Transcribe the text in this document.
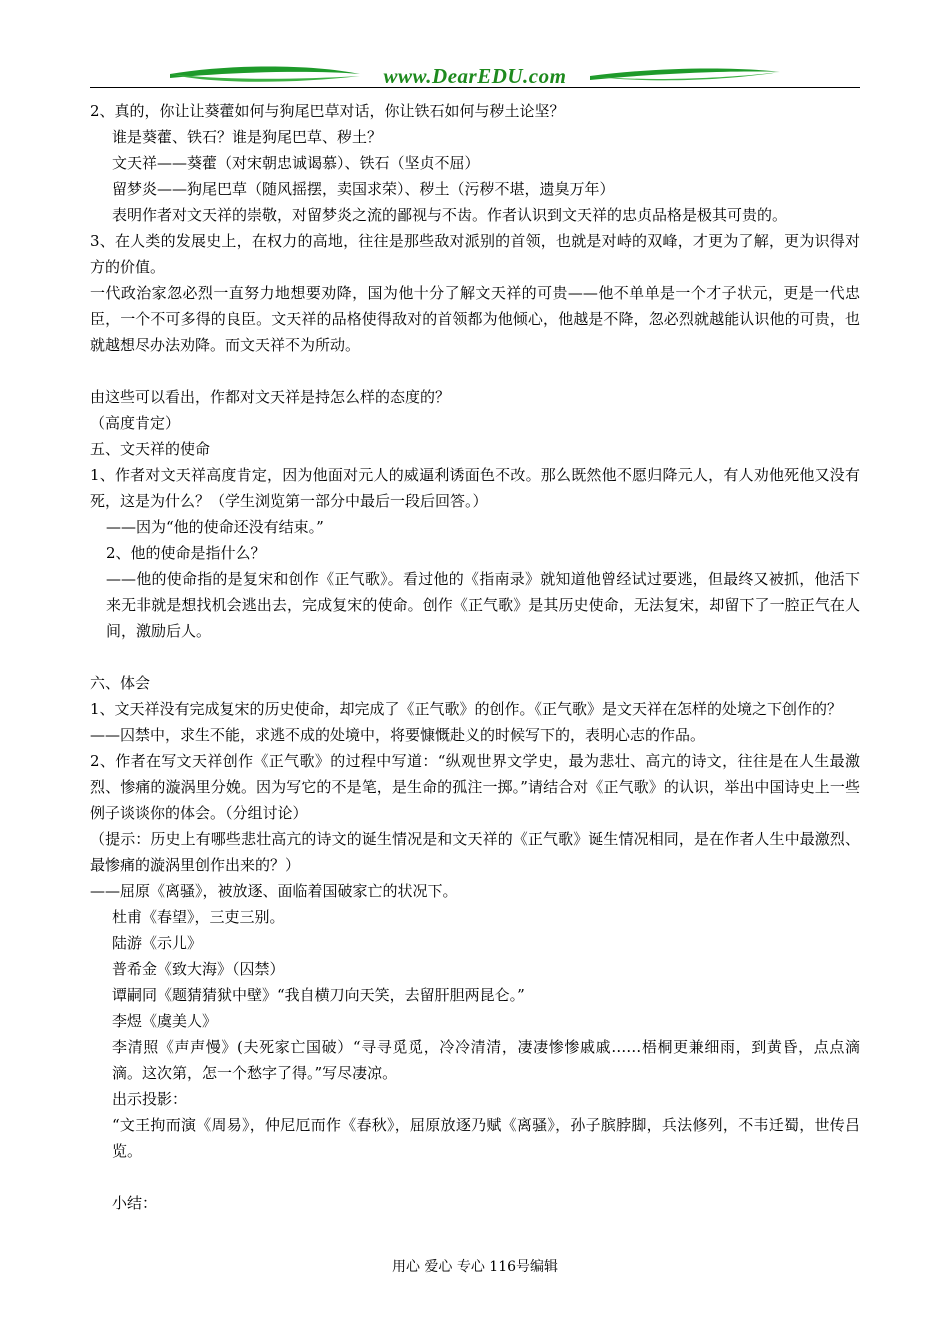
www.DearEDU.com

2、真的，你让让葵藿如何与狗尾巴草对话，你让铁石如何与秽土论坚？

谁是葵藿、铁石？谁是狗尾巴草、秽土？

文天祥——葵藿（对宋朝忠诚谒慕）、铁石（坚贞不屈）

留梦炎——狗尾巴草（随风摇摆，卖国求荣）、秽土（污秽不堪，遗臭万年）

表明作者对文天祥的崇敬，对留梦炎之流的鄙视与不齿。作者认识到文天祥的忠贞品格是极其可贵的。

3、在人类的发展史上，在权力的高地，往往是那些敌对派别的首领，也就是对峙的双峰，才更为了解，更为识得对方的价值。

一代政治家忽必烈一直努力地想要劝降，国为他十分了解文天祥的可贵——他不单单是一个才子状元，更是一代忠臣，一个不可多得的良臣。文天祥的品格使得敌对的首领都为他倾心，他越是不降，忽必烈就越能认识他的可贵，也就越想尽办法劝降。而文天祥不为所动。

由这些可以看出，作都对文天祥是持怎么样的态度的？

（高度肯定）

五、文天祥的使命

1、作者对文天祥高度肯定，因为他面对元人的威逼利诱面色不改。那么既然他不愿归降元人，有人劝他死他又没有死，这是为什么？（学生浏览第一部分中最后一段后回答。）

——因为“他的使命还没有结束。”

2、他的使命是指什么？

——他的使命指的是复宋和创作《正气歌》。看过他的《指南录》就知道他曾经试过要逃，但最终又被抓，他活下来无非就是想找机会逃出去，完成复宋的使命。创作《正气歌》是其历史使命，无法复宋，却留下了一腔正气在人间，激励后人。

六、体会

1、文天祥没有完成复宋的历史使命，却完成了《正气歌》的创作。《正气歌》是文天祥在怎样的处境之下创作的？

——囚禁中，求生不能，求逃不成的处境中，将要慷慨赴义的时候写下的，表明心志的作品。

2、作者在写文天祥创作《正气歌》的过程中写道：“纵观世界文学史，最为悲壮、高亢的诗文，往往是在人生最激烈、惨痛的漩涡里分娩。因为写它的不是笔，是生命的孤注一掷。”请结合对《正气歌》的认识，举出中国诗史上一些例子谈谈你的体会。（分组讨论）

（提示：历史上有哪些悲壮高亢的诗文的诞生情况是和文天祥的《正气歌》诞生情况相同，是在作者人生中最激烈、最惨痛的漩涡里创作出来的？）

——屈原《离骚》，被放逐、面临着国破家亡的状况下。

杜甫《春望》，三吏三别。

陆游《示儿》

普希金《致大海》（囚禁）

谭嗣同《题猜猜狱中壁》“我自横刀向天笑，去留肝胆两昆仑。”

李煜《虞美人》

李清照《声声慢》(夫死家亡国破）“寻寻觅觅，冷冷清清，凄凄惨惨戚戚……梧桐更兼细雨，到黄昏，点点滴滴。这次第，怎一个愁字了得。”写尽凄凉。

出示投影：

“文王拘而演《周易》，仲尼厄而作《春秋》，屈原放逐乃赋《离骚》，孙子膑脖脚，兵法修列，不韦迁蜀，世传吕览。

小结：

用心 爱心 专心 116号编辑
